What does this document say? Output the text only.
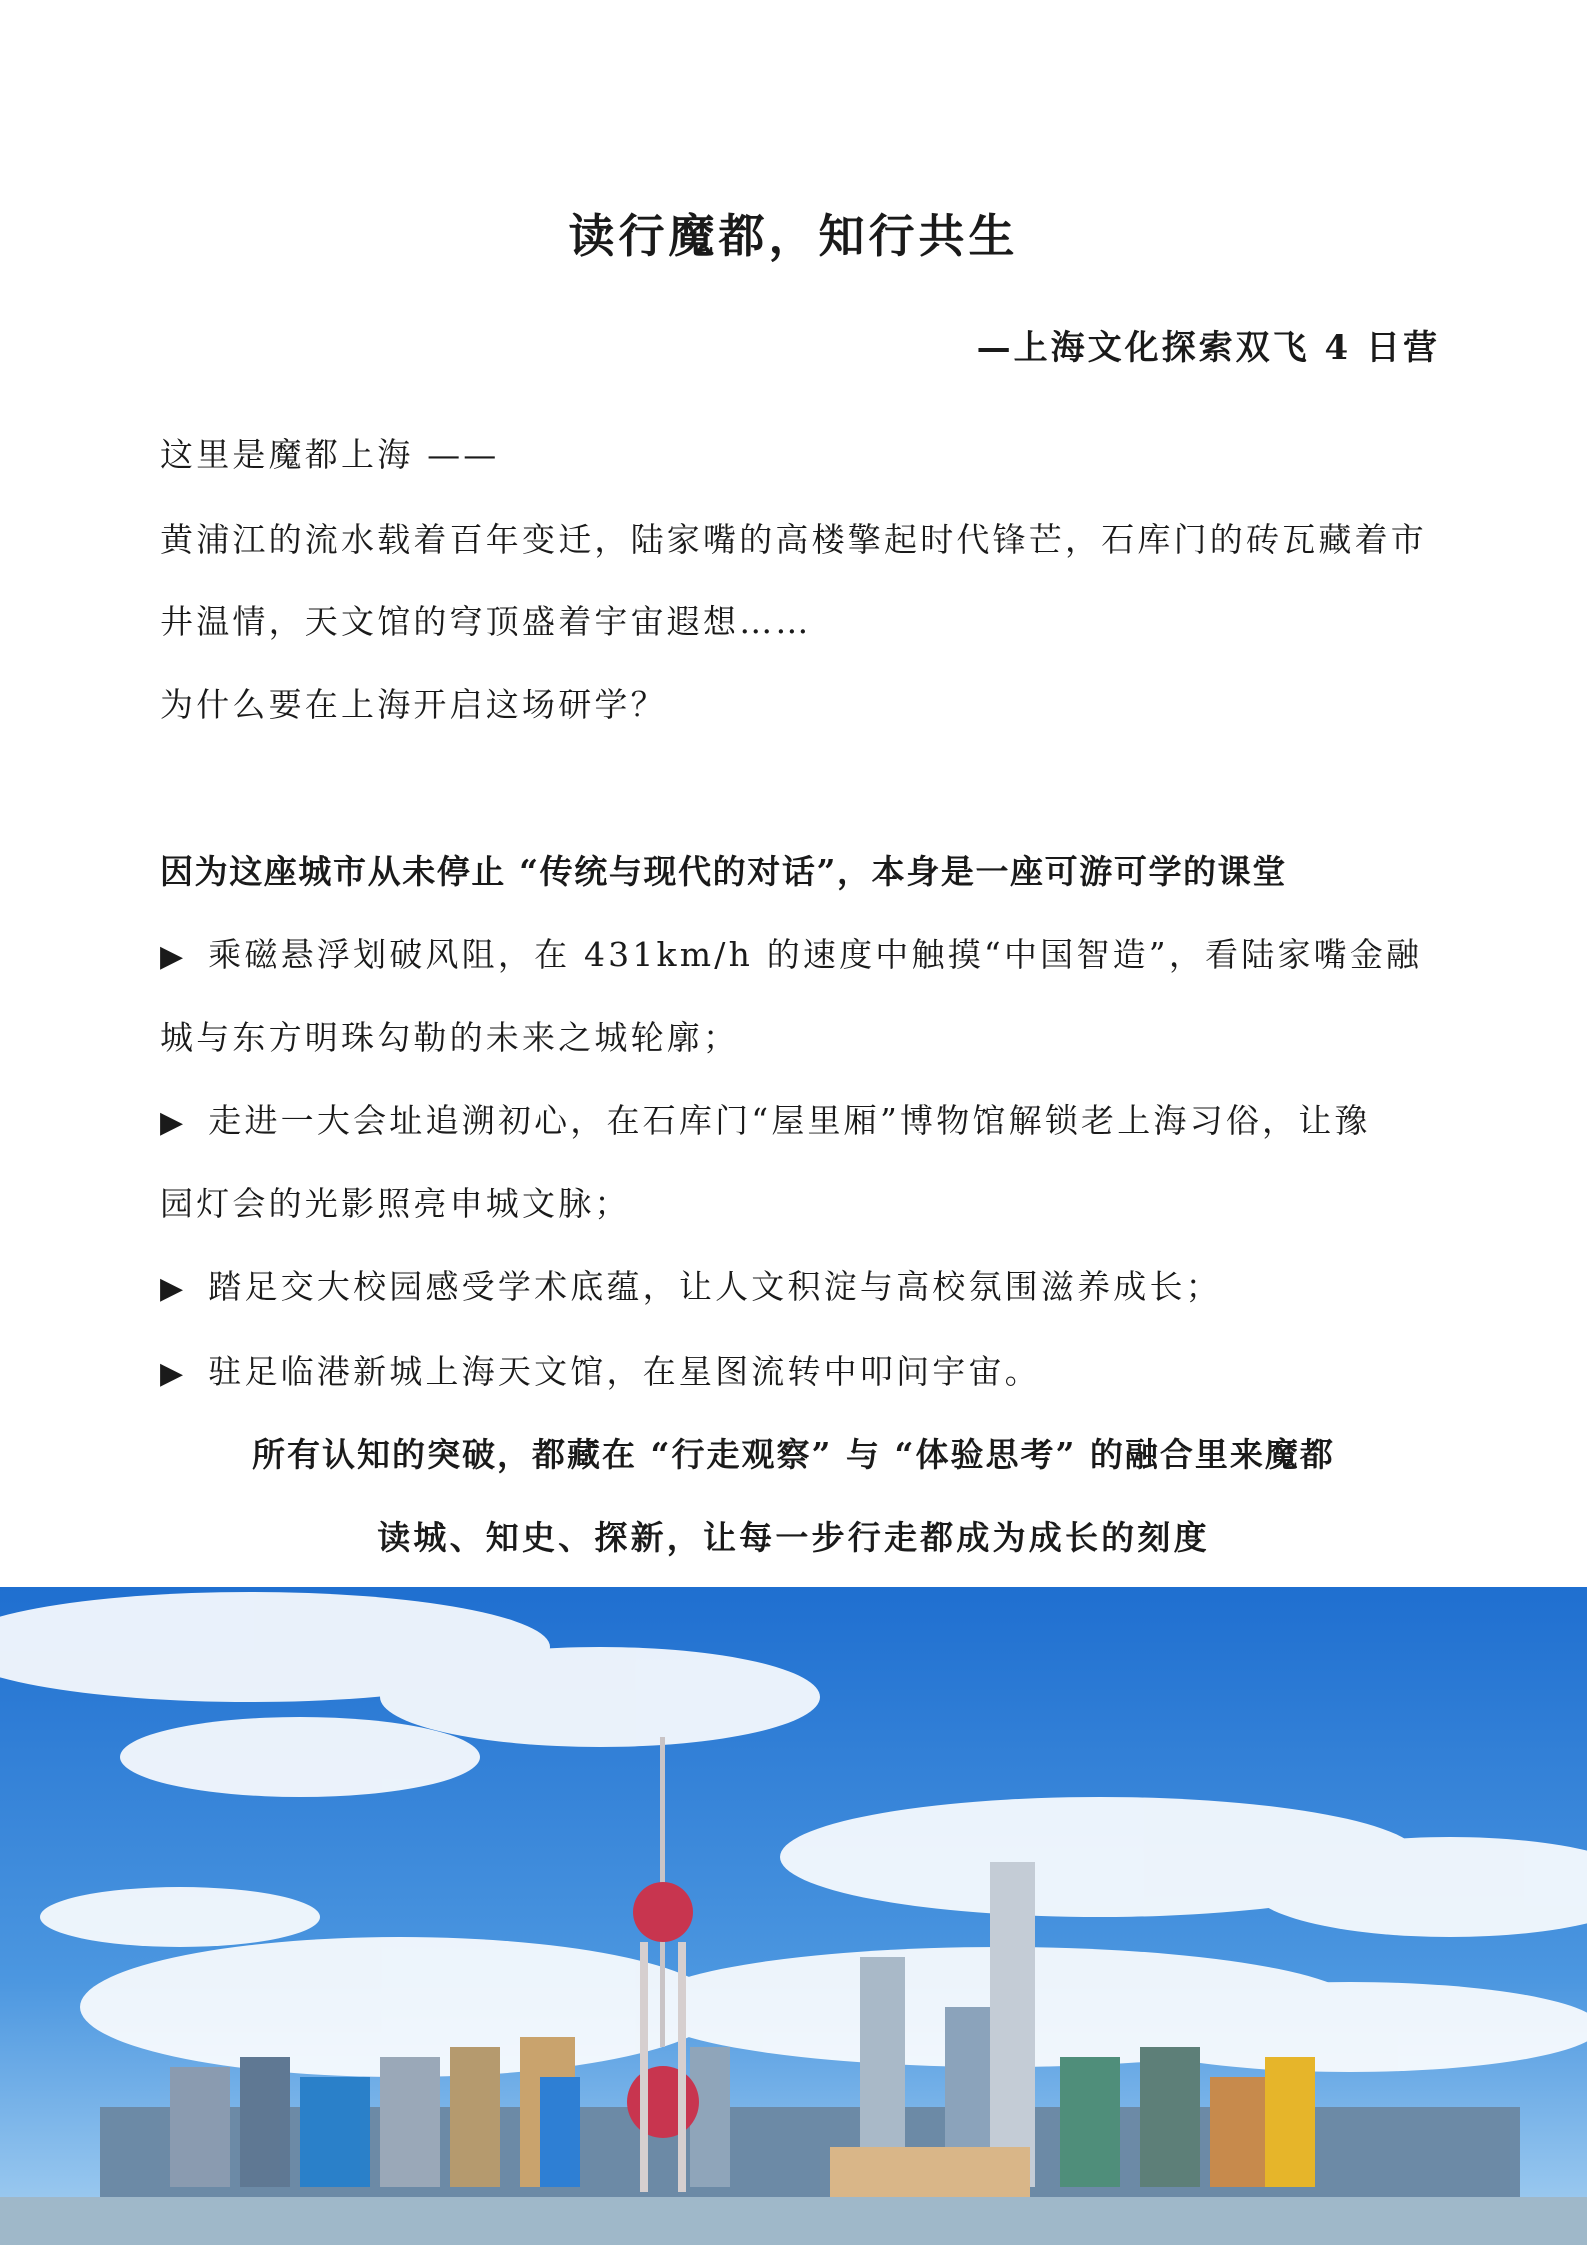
读行魔都，知行共生
—上海文化探索双飞 4 日营
这里是魔都上海 ——
黄浦江的流水载着百年变迁，陆家嘴的高楼擎起时代锋芒，石库门的砖瓦藏着市
井温情，天文馆的穹顶盛着宇宙遐想……
为什么要在上海开启这场研学？
因为这座城市从未停止 “传统与现代的对话”，本身是一座可游可学的课堂
▶ 乘磁悬浮划破风阻，在 431km/h 的速度中触摸“中国智造”，看陆家嘴金融
城与东方明珠勾勒的未来之城轮廓；
▶ 走进一大会址追溯初心，在石库门“屋里厢”博物馆解锁老上海习俗，让豫
园灯会的光影照亮申城文脉；
▶ 踏足交大校园感受学术底蕴，让人文积淀与高校氛围滋养成长；
▶ 驻足临港新城上海天文馆，在星图流转中叩问宇宙。
所有认知的突破，都藏在 “行走观察” 与 “体验思考” 的融合里来魔都
读城、知史、探新，让每一步行走都成为成长的刻度
